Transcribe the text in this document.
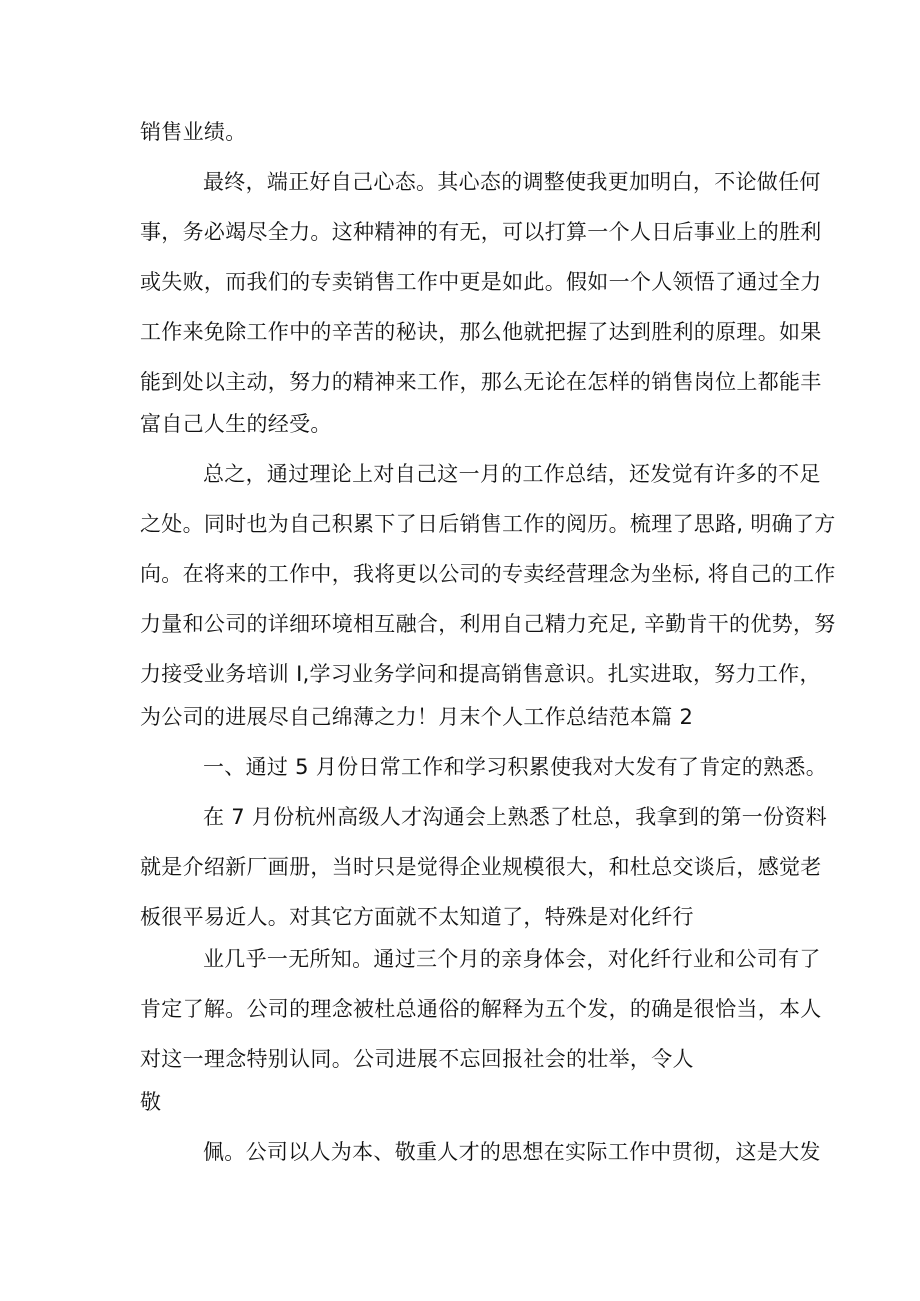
销售业绩。
最终，端正好自己心态。其心态的调整使我更加明白，不论做任何
事，务必竭尽全力。这种精神的有无，可以打算一个人日后事业上的胜利
或失败，而我们的专卖销售工作中更是如此。假如一个人领悟了通过全力
工作来免除工作中的辛苦的秘诀，那么他就把握了达到胜利的原理。如果
能到处以主动，努力的精神来工作，那么无论在怎样的销售岗位上都能丰
富自己人生的经受。
总之，通过理论上对自己这一月的工作总结，还发觉有许多的不足
之处。同时也为自己积累下了日后销售工作的阅历。梳理了思路, 明确了方
向。在将来的工作中，我将更以公司的专卖经营理念为坐标, 将自己的工作
力量和公司的详细环境相互融合，利用自己精力充足, 辛勤肯干的优势，努
力接受业务培训 I,学习业务学问和提高销售意识。扎实进取，努力工作，
为公司的进展尽自己绵薄之力！月末个人工作总结范本篇 2
一、通过 5 月份日常工作和学习积累使我对大发有了肯定的熟悉。
在 7 月份杭州高级人才沟通会上熟悉了杜总，我拿到的第一份资料
就是介绍新厂画册，当时只是觉得企业规模很大，和杜总交谈后，感觉老
板很平易近人。对其它方面就不太知道了，特殊是对化纤行
业几乎一无所知。通过三个月的亲身体会，对化纤行业和公司有了
肯定了解。公司的理念被杜总通俗的解释为五个发，的确是很恰当，本人
对这一理念特别认同。公司进展不忘回报社会的壮举，令人
敬
佩。公司以人为本、敬重人才的思想在实际工作中贯彻，这是大发
